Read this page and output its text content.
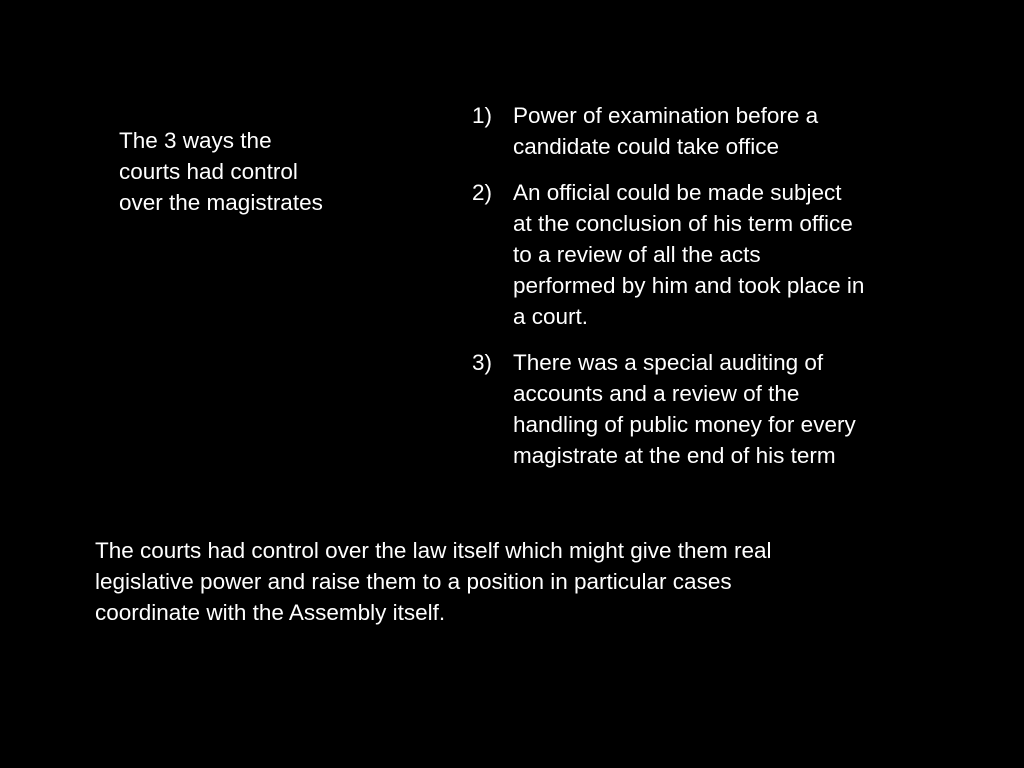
The 3 ways the
courts had control
over the magistrates
1) Power of examination before a
candidate could take office
2) An official could be made subject
at the conclusion of his term office
to a review of all the acts
performed by him and took place in
a court.
3) There was a special auditing of
accounts and a review of the
handling of public money for every
magistrate at the end of his term

The courts had control over the law itself which might give them real
legislative power and raise them to a position in particular cases
coordinate with the Assembly itself.
